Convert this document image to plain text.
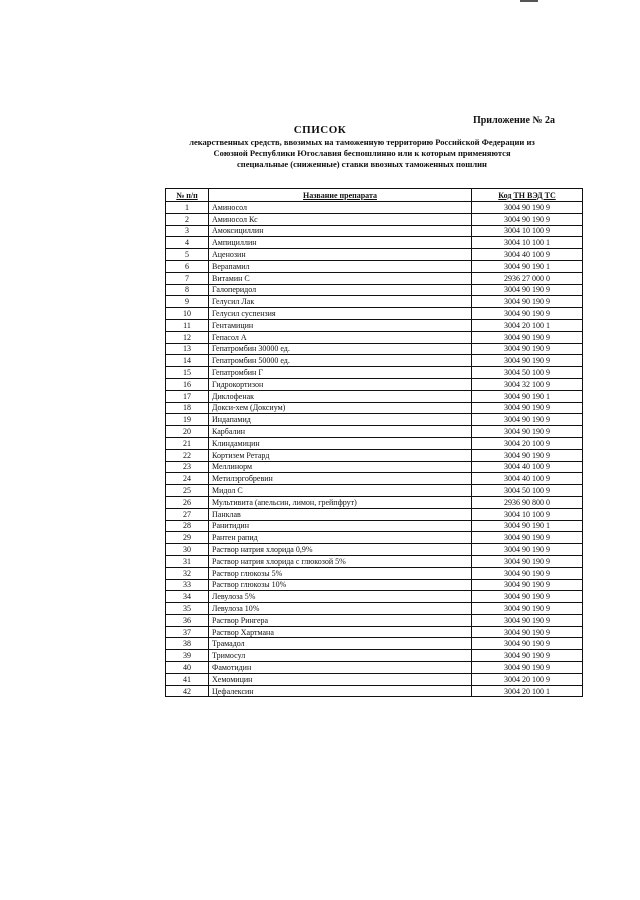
Приложение № 2а

СПИСОК

лекарственных средств, ввозимых на таможенную территорию Российской Федерации из
Союзной Республики Югославия беспошлинно или к которым применяются
специальные (сниженные) ставки ввозных таможенных пошлин

№ п/п	Название препарата	Код ТН ВЭД ТС
1	Аминосол	3004 90 190 9
2	Аминосол Кс	3004 90 190 9
3	Амоксициллин	3004 10 100 9
4	Ампициллин	3004 10 100 1
5	Аценозин	3004 40 100 9
6	Верапамил	3004 90 190 1
7	Витамин С	2936 27 000 0
8	Галоперидол	3004 90 190 9
9	Гелусил Лак	3004 90 190 9
10	Гелусил суспензия	3004 90 190 9
11	Гентамицин	3004 20 100 1
12	Гепасол А	3004 90 190 9
13	Гепатромбин 30000 ед.	3004 90 190 9
14	Гепатромбин 50000 ед.	3004 90 190 9
15	Гепатромбин Г	3004 50 100 9
16	Гидрокортизон	3004 32 100 9
17	Диклофенак	3004 90 190 1
18	Докси-хем (Доксиум)	3004 90 190 9
19	Индапамид	3004 90 190 9
20	Карбалин	3004 90 190 9
21	Клиндамицин	3004 20 100 9
22	Кортизем Ретард	3004 90 190 9
23	Меллинорм	3004 40 100 9
24	Метилэргобревин	3004 40 100 9
25	Мидол С	3004 50 100 9
26	Мультивита (апельсин, лимон, грейпфрут)	2936 90 800 0
27	Панклав	3004 10 100 9
28	Ранитидин	3004 90 190 1
29	Рантен рапид	3004 90 190 9
30	Раствор натрия хлорида 0,9%	3004 90 190 9
31	Раствор натрия хлорида с глюкозой 5%	3004 90 190 9
32	Раствор глюкозы 5%	3004 90 190 9
33	Раствор глюкозы 10%	3004 90 190 9
34	Левулоза 5%	3004 90 190 9
35	Левулоза 10%	3004 90 190 9
36	Раствор Рингера	3004 90 190 9
37	Раствор Хартмана	3004 90 190 9
38	Трамадол	3004 90 190 9
39	Тримосул	3004 90 190 9
40	Фамотидин	3004 90 190 9
41	Хемомицин	3004 20 100 9
42	Цефалексин	3004 20 100 1
